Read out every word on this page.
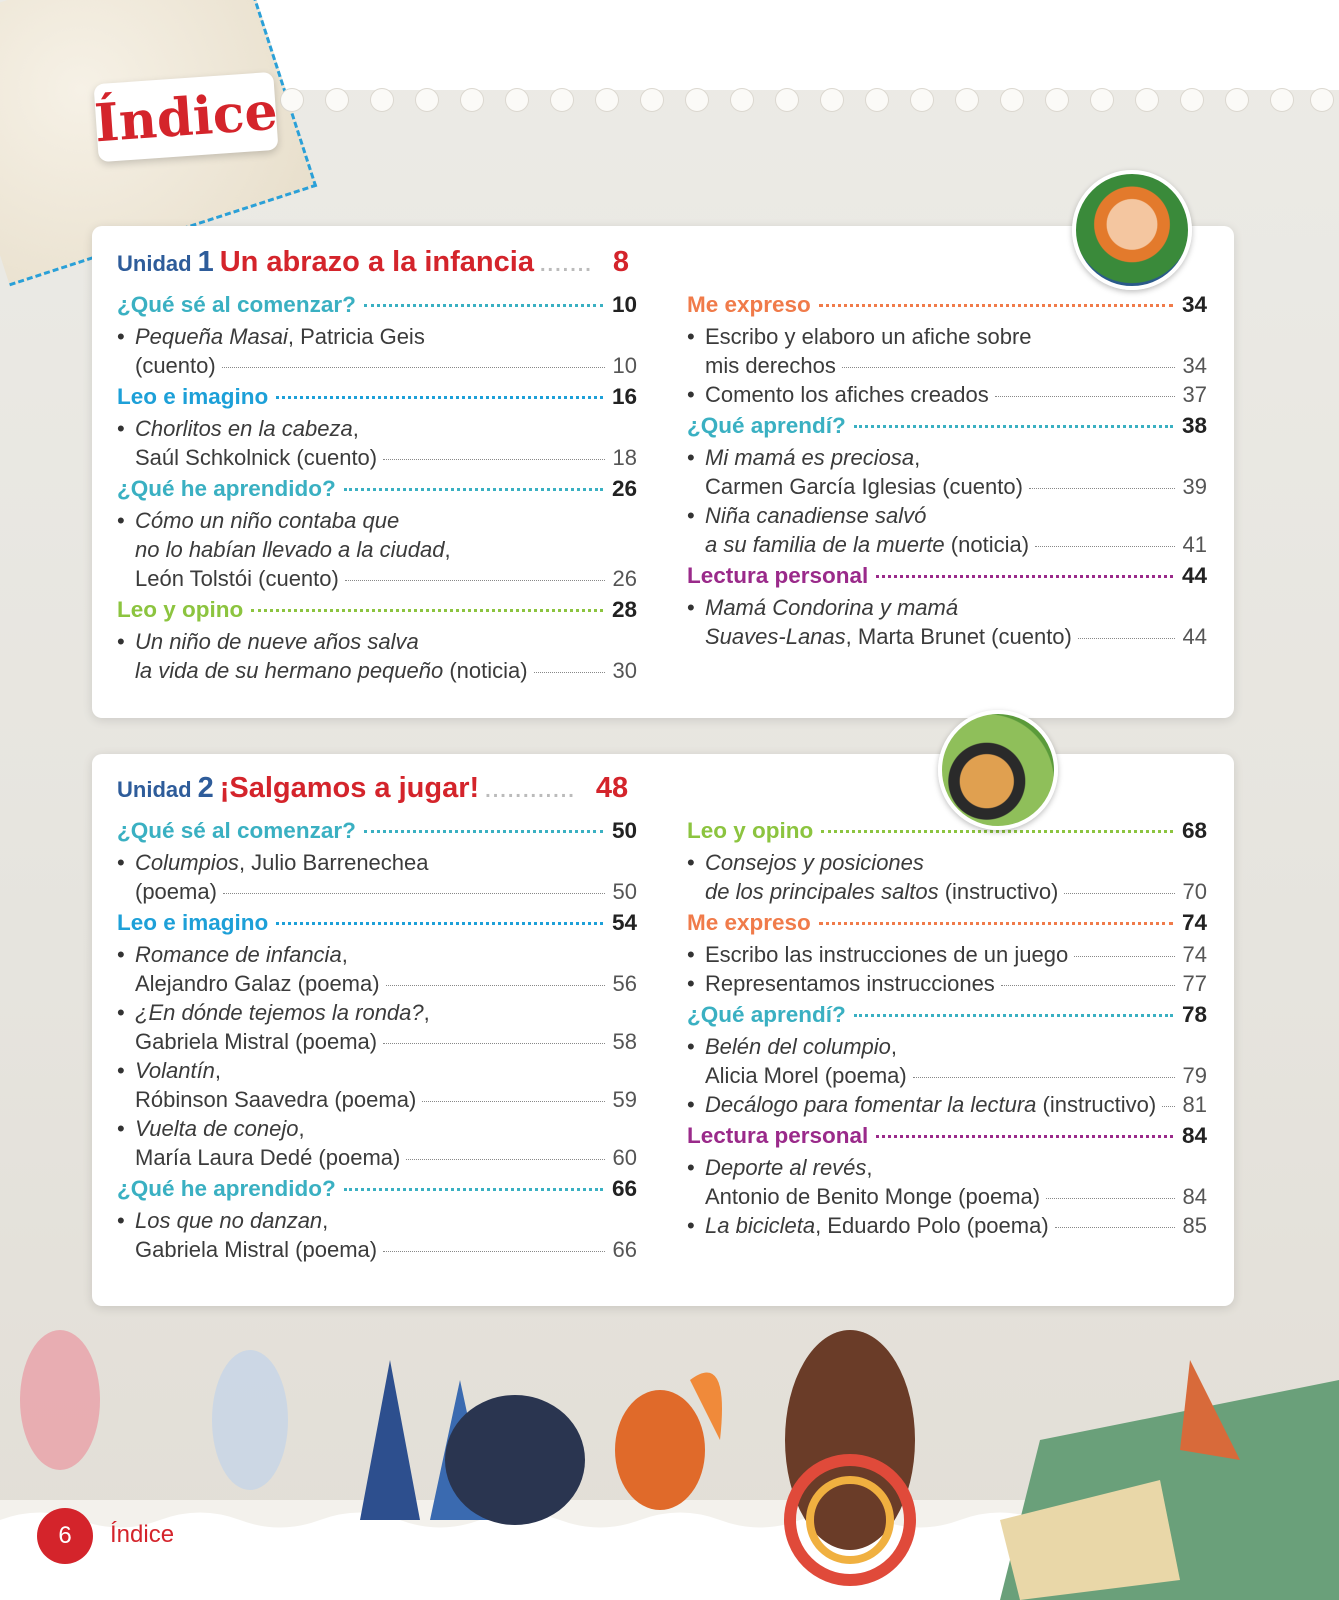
Índice
Unidad 1 Un abrazo a la infancia ....... 8
¿Qué sé al comenzar?	10
• Pequeña Masai, Patricia Geis
(cuento)	10
Leo e imagino	16
• Chorlitos en la cabeza,
Saúl Schkolnick (cuento)	18
¿Qué he aprendido?	26
• Cómo un niño contaba que
no lo habían llevado a la ciudad,
León Tolstói (cuento)	26
Leo y opino	28
• Un niño de nueve años salva
la vida de su hermano pequeño (noticia)	30
Me expreso	34
• Escribo y elaboro un afiche sobre
mis derechos	34
• Comento los afiches creados	37
¿Qué aprendí?	38
• Mi mamá es preciosa,
Carmen García Iglesias (cuento)	39
• Niña canadiense salvó
a su familia de la muerte (noticia)	41
Lectura personal	44
• Mamá Condorina y mamá
Suaves-Lanas, Marta Brunet (cuento)	44
Unidad 2 ¡Salgamos a jugar! ............ 48
¿Qué sé al comenzar?	50
• Columpios, Julio Barrenechea
(poema)	50
Leo e imagino	54
• Romance de infancia,
Alejandro Galaz (poema)	56
• ¿En dónde tejemos la ronda?,
Gabriela Mistral (poema)	58
• Volantín,
Róbinson Saavedra (poema)	59
• Vuelta de conejo,
María Laura Dedé (poema)	60
¿Qué he aprendido?	66
• Los que no danzan,
Gabriela Mistral (poema)	66
Leo y opino	68
• Consejos y posiciones
de los principales saltos (instructivo)	70
Me expreso	74
• Escribo las instrucciones de un juego	74
• Representamos instrucciones	77
¿Qué aprendí?	78
• Belén del columpio,
Alicia Morel (poema)	79
• Decálogo para fomentar la lectura (instructivo) 81
Lectura personal	84
• Deporte al revés,
Antonio de Benito Monge (poema)	84
• La bicicleta, Eduardo Polo (poema)	85
6 Índice
